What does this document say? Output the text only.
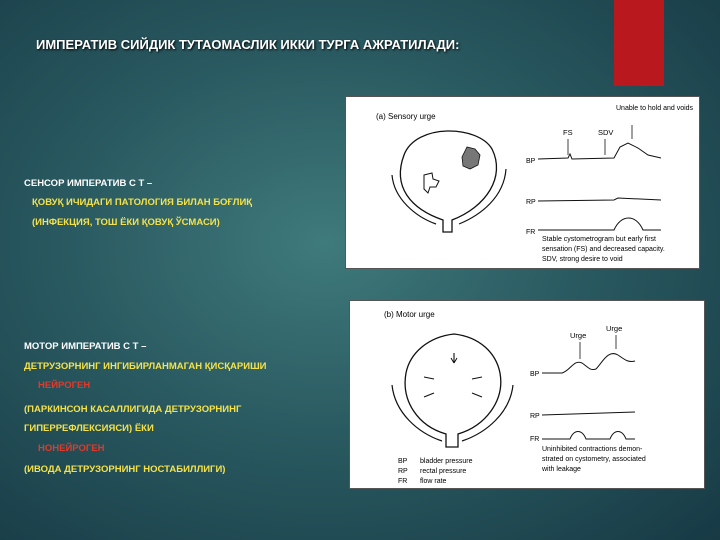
ИМПЕРАТИВ СИЙДИК ТУТАОМАСЛИК ИККИ ТУРГА АЖРАТИЛАДИ:
СЕНСОР ИМПЕРАТИВ С Т –
ҚОВУҚ ИЧИДАГИ ПАТОЛОГИЯ БИЛАН БОҒЛИҚ
(ИНФЕКЦИЯ, ТОШ ЁКИ ҚОВУҚ ЎСМАСИ)
МОТОР ИМПЕРАТИВ С Т –
ДЕТРУЗОРНИНГ ИНГИБИРЛАНМАГАН ҚИСҚАРИШИ
НЕЙРОГЕН
(ПАРКИНСОН КАСАЛЛИГИДА ДЕТРУЗОРНИНГ
ГИПЕРРЕФЛЕКСИЯСИ) ЁКИ
НОНЕЙРОГЕН
(ИВОДА ДЕТРУЗОРНИНГ НОСТАБИЛЛИГИ)
(a) Sensory urge
FS	SDV
Unable to hold and voids
BP
RP
FR
Stable cystometrogram but early first
sensation (FS) and decreased capacity.
SDV, strong desire to void
(b) Motor urge
Urge
Urge
BP
RP
FR
Uninhibited contractions demon-
strated on cystometry, associated
with leakage
BP bladder pressure
RP rectal pressure
FR flow rate
